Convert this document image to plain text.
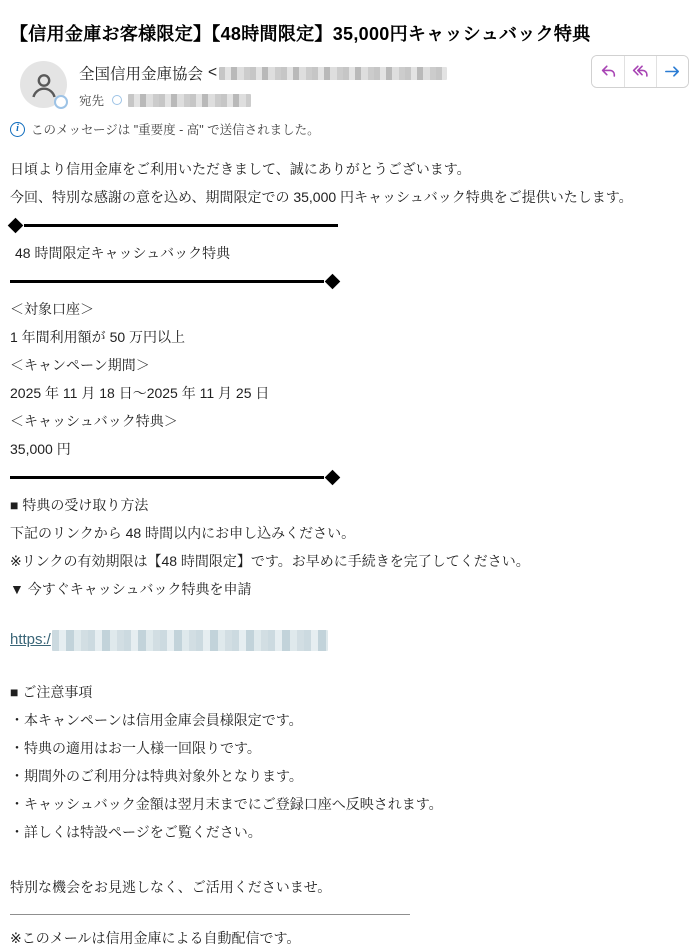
【信用金庫お客様限定】【48時間限定】35,000円キャッシュバック特典
全国信用金庫協会 <
宛先
i このメッセージは "重要度 - 高" で送信されました。

日頃より信用金庫をご利用いただきまして、誠にありがとうございます。

今回、特別な感謝の意を込め、期間限定での 35,000 円キャッシュバック特典をご提供いたします。

48 時間限定キャッシュバック特典

＜対象口座＞

1 年間利用額が 50 万円以上

＜キャンペーン期間＞

2025 年 11 月 18 日～2025 年 11 月 25 日

＜キャッシュバック特典＞

35,000 円

■ 特典の受け取り方法

下記のリンクから 48 時間以内にお申し込みください。

※リンクの有効期限は【48 時間限定】です。お早めに手続きを完了してください。

▼ 今すぐキャッシュバック特典を申請

https:/

■ ご注意事項

・本キャンペーンは信用金庫会員様限定です。

・特典の適用はお一人様一回限りです。

・期間外のご利用分は特典対象外となります。

・キャッシュバック金額は翌月末までにご登録口座へ反映されます。

・詳しくは特設ページをご覧ください。

特別な機会をお見逃しなく、ご活用くださいませ。

※このメールは信用金庫による自動配信です。
